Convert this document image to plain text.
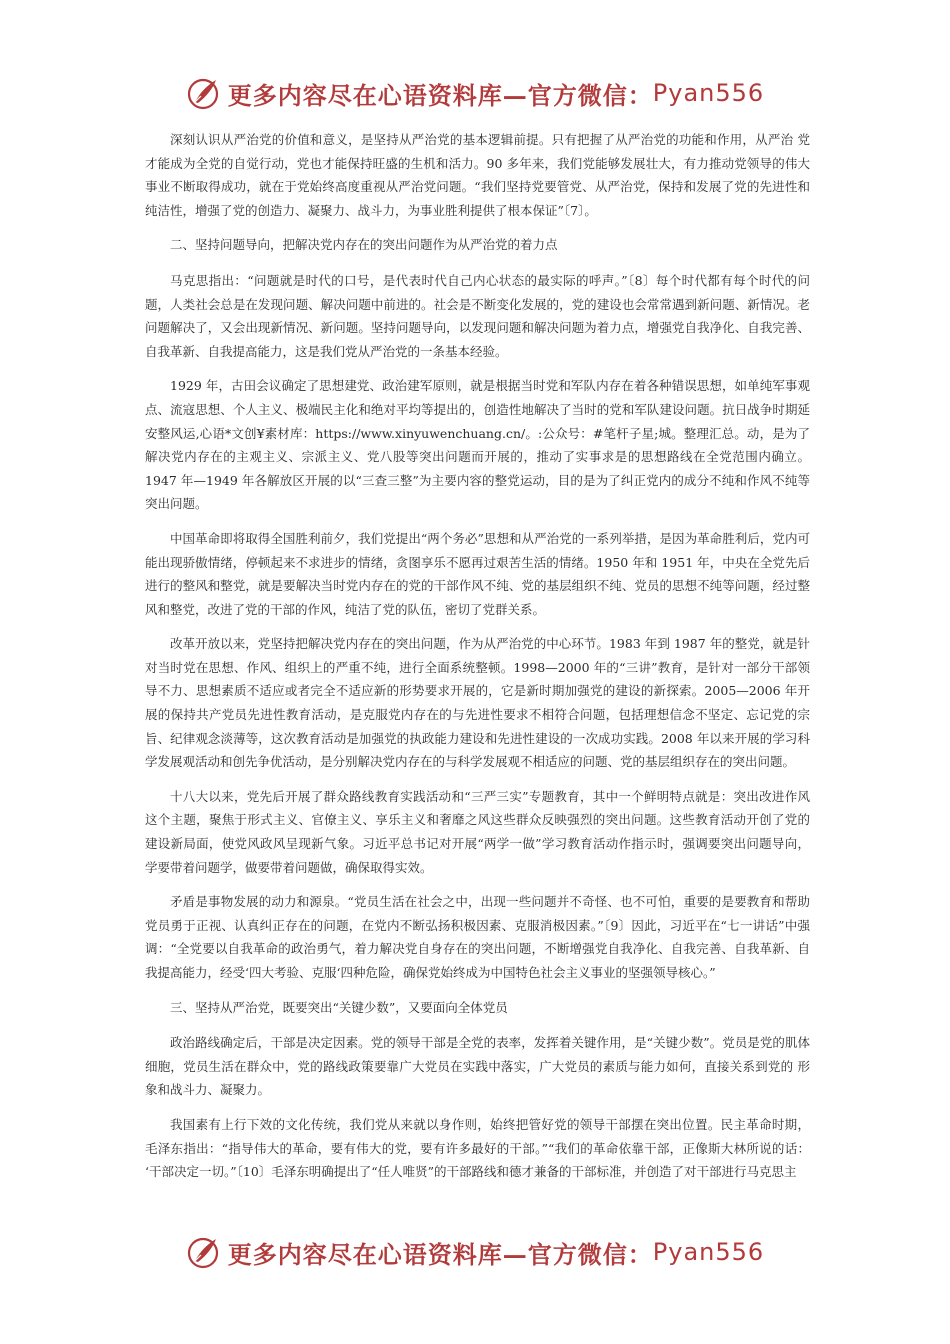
更多内容尽在心语资料库—官方微信： Pyan556

深刻认识从严治党的价值和意义，是坚持从严治党的基本逻辑前提。只有把握了从严治党的功能和作用，从严治 党才能成为全党的自觉行动，党也才能保持旺盛的生机和活力。90 多年来，我们党能够发展壮大，有力推动党领导的伟大事业不断取得成功，就在于党始终高度重视从严治党问题。“我们坚持党要管党、从严治党，保持和发展了党的先进性和纯洁性，增强了党的创造力、凝聚力、战斗力，为事业胜利提供了根本保证”〔7〕。

二、坚持问题导向，把解决党内存在的突出问题作为从严治党的着力点

马克思指出：“问题就是时代的口号，是代表时代自己内心状态的最实际的呼声。”〔8〕每个时代都有每个时代的问题，人类社会总是在发现问题、解决问题中前进的。社会是不断变化发展的，党的建设也会常常遇到新问题、新情况。老问题解决了，又会出现新情况、新问题。坚持问题导向，以发现问题和解决问题为着力点，增强党自我净化、自我完善、自我革新、自我提高能力，这是我们党从严治党的一条基本经验。

1929 年，古田会议确定了思想建党、政治建军原则，就是根据当时党和军队内存在着各种错误思想，如单纯军事观点、流寇思想、个人主义、极端民主化和绝对平均等提出的，创造性地解决了当时的党和军队建设问题。抗日战争时期延安整风运,心语*文创¥素材库：https://www.xinyuwenchuang.cn/。:公众号：#笔杆子星;城。整理汇总。动，是为了解决党内存在的主观主义、宗派主义、党八股等突出问题而开展的，推动了实事求是的思想路线在全党范围内确立。1947 年—1949 年各解放区开展的以“三查三整”为主要内容的整党运动，目的是为了纠正党内的成分不纯和作风不纯等突出问题。

中国革命即将取得全国胜利前夕，我们党提出“两个务必”思想和从严治党的一系列举措，是因为革命胜利后，党内可能出现骄傲情绪，停顿起来不求进步的情绪，贪图享乐不愿再过艰苦生活的情绪。1950 年和 1951 年，中央在全党先后进行的整风和整党，就是要解决当时党内存在的党的干部作风不纯、党的基层组织不纯、党员的思想不纯等问题，经过整风和整党，改进了党的干部的作风，纯洁了党的队伍，密切了党群关系。

改革开放以来，党坚持把解决党内存在的突出问题，作为从严治党的中心环节。1983 年到 1987 年的整党，就是针对当时党在思想、作风、组织上的严重不纯，进行全面系统整顿。1998—2000 年的“三讲”教育，是针对一部分干部领导不力、思想素质不适应或者完全不适应新的形势要求开展的，它是新时期加强党的建设的新探索。2005—2006 年开展的保持共产党员先进性教育活动，是克服党内存在的与先进性要求不相符合问题，包括理想信念不坚定、忘记党的宗旨、纪律观念淡薄等，这次教育活动是加强党的执政能力建设和先进性建设的一次成功实践。2008 年以来开展的学习科学发展观活动和创先争优活动，是分别解决党内存在的与科学发展观不相适应的问题、党的基层组织存在的突出问题。

十八大以来，党先后开展了群众路线教育实践活动和“三严三实”专题教育，其中一个鲜明特点就是：突出改进作风 这个主题，聚焦于形式主义、官僚主义、享乐主义和奢靡之风这些群众反映强烈的突出问题。这些教育活动开创了党的 建设新局面，使党风政风呈现新气象。习近平总书记对开展“两学一做”学习教育活动作指示时，强调要突出问题导向， 学要带着问题学，做要带着问题做，确保取得实效。

矛盾是事物发展的动力和源泉。“党员生活在社会之中，出现一些问题并不奇怪、也不可怕，重要的是要教育和帮助党员勇于正视、认真纠正存在的问题，在党内不断弘扬积极因素、克服消极因素。”〔9〕因此，习近平在“七一讲话”中强调：“全党要以自我革命的政治勇气，着力解决党自身存在的突出问题，不断增强党自我净化、自我完善、自我革新、自我提高能力，经受‘四大考验、克服‘四种危险，确保党始终成为中国特色社会主义事业的坚强领导核心。”

三、坚持从严治党，既要突出“关键少数”，又要面向全体党员

政治路线确定后，干部是决定因素。党的领导干部是全党的表率，发挥着关键作用，是“关键少数”。党员是党的肌体细胞，党员生活在群众中，党的路线政策要靠广大党员在实践中落实，广大党员的素质与能力如何，直接关系到党的 形象和战斗力、凝聚力。

我国素有上行下效的文化传统，我们党从来就以身作则，始终把管好党的领导干部摆在突出位置。民主革命时期， 毛泽东指出：“指导伟大的革命，要有伟大的党，要有许多最好的干部。”“我们的革命依靠干部，正像斯大林所说的话： ‘干部决定一切。”〔10〕毛泽东明确提出了“任人唯贤”的干部路线和德才兼备的干部标准，并创造了对干部进行马克思主

更多内容尽在心语资料库—官方微信： Pyan556
